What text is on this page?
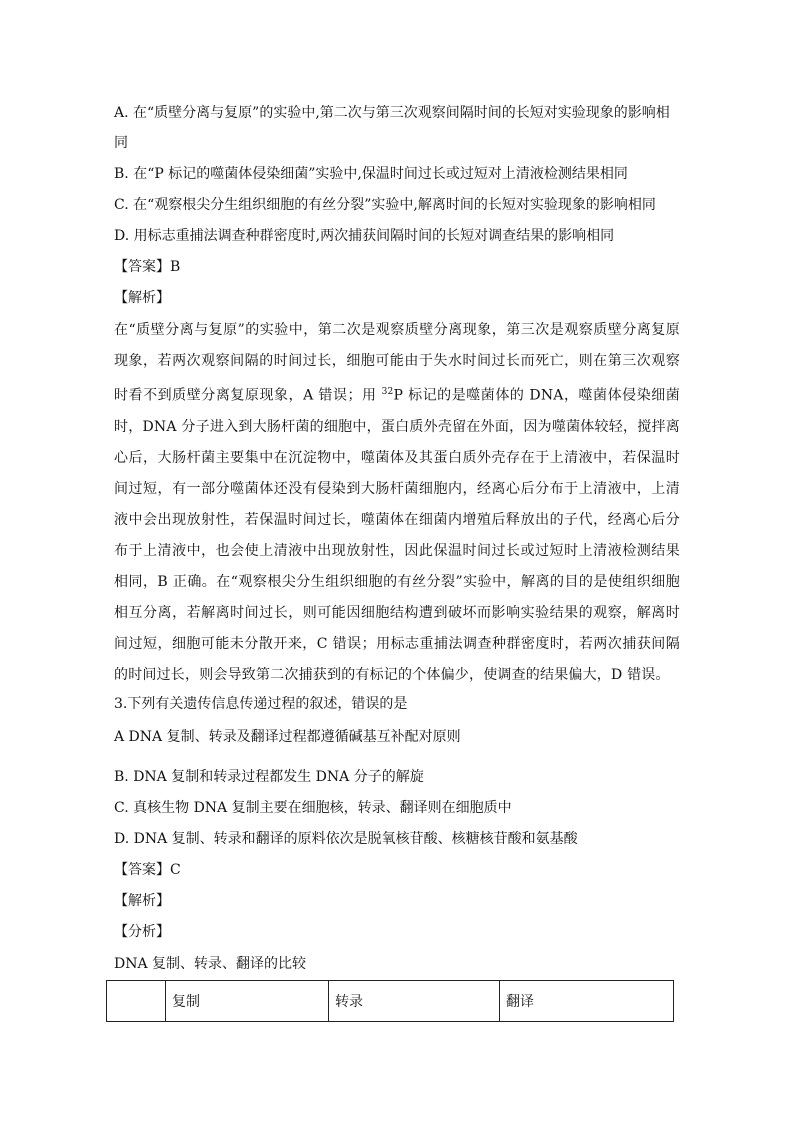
A. 在“质壁分离与复原”的实验中,第二次与第三次观察间隔时间的长短对实验现象的影响相
同
B. 在“P 标记的噬菌体侵染细菌”实验中,保温时间过长或过短对上清液检测结果相同
C. 在“观察根尖分生组织细胞的有丝分裂”实验中,解离时间的长短对实验现象的影响相同
D. 用标志重捕法调查种群密度时,两次捕获间隔时间的长短对调查结果的影响相同
【答案】B
【解析】
在“质壁分离与复原”的实验中，第二次是观察质壁分离现象，第三次是观察质壁分离复原现象，若两次观察间隔的时间过长，细胞可能由于失水时间过长而死亡，则在第三次观察时看不到质壁分离复原现象，A 错误；用 $^{32}$P 标记的是噬菌体的 DNA，噬菌体侵染细菌时，DNA 分子进入到大肠杆菌的细胞中，蛋白质外壳留在外面，因为噬菌体较轻，搅拌离心后，大肠杆菌主要集中在沉淀物中，噬菌体及其蛋白质外壳存在于上清液中，若保温时间过短，有一部分噬菌体还没有侵染到大肠杆菌细胞内，经离心后分布于上清液中，上清液中会出现放射性，若保温时间过长，噬菌体在细菌内增殖后释放出的子代，经离心后分布于上清液中，也会使上清液中出现放射性，因此保温时间过长或过短时上清液检测结果相同，B 正确。在“观察根尖分生组织细胞的有丝分裂”实验中，解离的目的是使组织细胞相互分离，若解离时间过长，则可能因细胞结构遭到破坏而影响实验结果的观察，解离时间过短，细胞可能未分散开来，C 错误；用标志重捕法调查种群密度时，若两次捕获间隔的时间过长，则会导致第二次捕获到的有标记的个体偏少，使调查的结果偏大，D 错误。
3.下列有关遗传信息传递过程的叙述，错误的是
A DNA 复制、转录及翻译过程都遵循碱基互补配对原则
B. DNA 复制和转录过程都发生 DNA 分子的解旋
C. 真核生物 DNA 复制主要在细胞核，转录、翻译则在细胞质中
D. DNA 复制、转录和翻译的原料依次是脱氧核苷酸、核糖核苷酸和氨基酸
【答案】C
【解析】
【分析】
DNA 复制、转录、翻译的比较
	复制	转录	翻译
